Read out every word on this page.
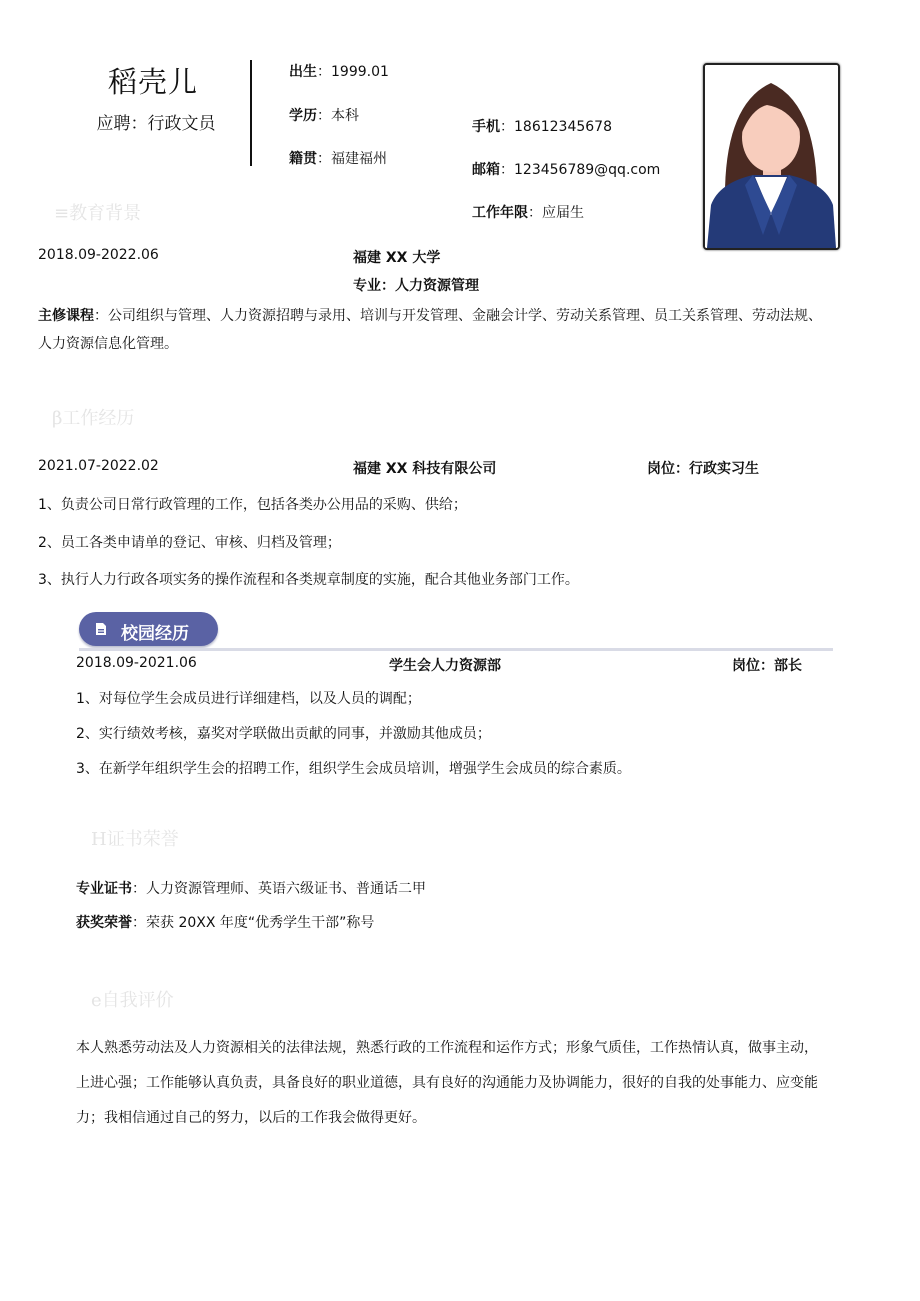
稻壳儿
应聘：行政文员
出生：1999.01
学历：本科
籍贯：福建福州
手机：18612345678
邮箱：123456789@qq.com
工作年限：应届生
≡教育背景
2018.09-2022.06	福建 XX 大学
专业：人力资源管理
主修课程：公司组织与管理、人力资源招聘与录用、培训与开发管理、金融会计学、劳动关系管理、员工关系管理、劳动法规、人力资源信息化管理。
β工作经历
2021.07-2022.02	福建 XX 科技有限公司	岗位：行政实习生
1、负责公司日常行政管理的工作，包括各类办公用品的采购、供给；
2、员工各类申请单的登记、审核、归档及管理；
3、执行人力行政各项实务的操作流程和各类规章制度的实施，配合其他业务部门工作。
校园经历
2018.09-2021.06	学生会人力资源部	岗位：部长
1、对每位学生会成员进行详细建档，以及人员的调配；
2、实行绩效考核，嘉奖对学联做出贡献的同事，并激励其他成员；
3、在新学年组织学生会的招聘工作，组织学生会成员培训，增强学生会成员的综合素质。
H证书荣誉
专业证书：人力资源管理师、英语六级证书、普通话二甲
获奖荣誉：荣获 20XX 年度“优秀学生干部”称号
e自我评价
本人熟悉劳动法及人力资源相关的法律法规，熟悉行政的工作流程和运作方式；形象气质佳，工作热情认真，做事主动，上进心强；工作能够认真负责，具备良好的职业道德，具有良好的沟通能力及协调能力，很好的自我的处事能力、应变能力；我相信通过自己的努力，以后的工作我会做得更好。
